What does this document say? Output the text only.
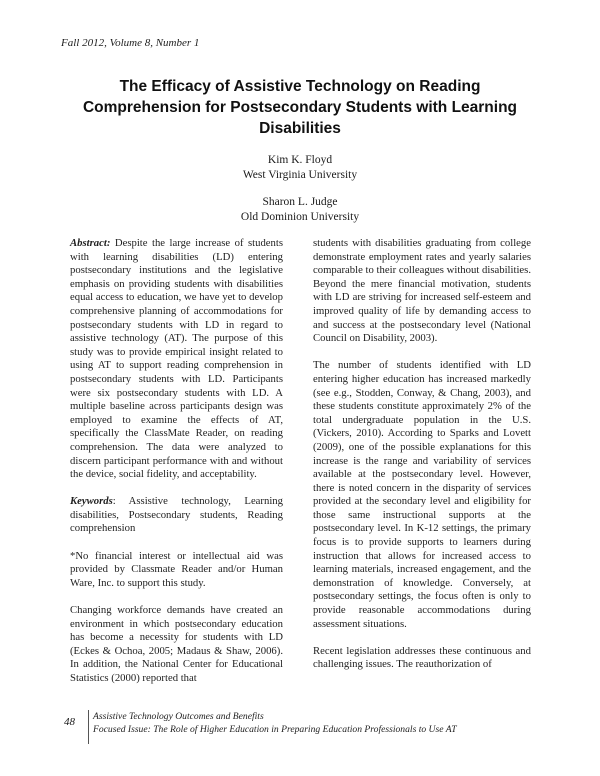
Fall 2012, Volume 8, Number 1
The Efficacy of Assistive Technology on Reading Comprehension for Postsecondary Students with Learning Disabilities
Kim K. Floyd
West Virginia University
Sharon L. Judge
Old Dominion University

Abstract: Despite the large increase of students with learning disabilities (LD) entering postsecondary institutions and the legislative emphasis on providing students with disabilities equal access to education, we have yet to develop comprehensive planning of accommodations for postsecondary students with LD in regard to assistive technology (AT). The purpose of this study was to provide empirical insight related to using AT to support reading comprehension in postsecondary students with LD. Participants were six postsecondary students with LD. A multiple baseline across participants design was employed to examine the effects of AT, specifically the ClassMate Reader, on reading comprehension. The data were analyzed to discern participant performance with and without the device, social fidelity, and acceptability.

Keywords: Assistive technology, Learning disabilities, Postsecondary students, Reading comprehension

*No financial interest or intellectual aid was provided by Classmate Reader and/or Human Ware, Inc. to support this study.

Changing workforce demands have created an environment in which postsecondary education has become a necessity for students with LD (Eckes & Ochoa, 2005; Madaus & Shaw, 2006). In addition, the National Center for Educational Statistics (2000) reported that

students with disabilities graduating from college demonstrate employment rates and yearly salaries comparable to their colleagues without disabilities. Beyond the mere financial motivation, students with LD are striving for increased self-esteem and improved quality of life by demanding access to and success at the postsecondary level (National Council on Disability, 2003).

The number of students identified with LD entering higher education has increased markedly (see e.g., Stodden, Conway, & Chang, 2003), and these students constitute approximately 2% of the total undergraduate population in the U.S. (Vickers, 2010). According to Sparks and Lovett (2009), one of the possible explanations for this increase is the range and variability of services available at the postsecondary level. However, there is noted concern in the disparity of services provided at the secondary level and eligibility for those same instructional supports at the postsecondary level. In K-12 settings, the primary focus is to provide supports to learners during instruction that allows for increased access to learning materials, increased engagement, and the demonstration of knowledge. Conversely, at postsecondary settings, the focus often is only to provide reasonable accommodations during assessment situations.

Recent legislation addresses these continuous and challenging issues. The reauthorization of

48 Assistive Technology Outcomes and Benefits
Focused Issue: The Role of Higher Education in Preparing Education Professionals to Use AT
